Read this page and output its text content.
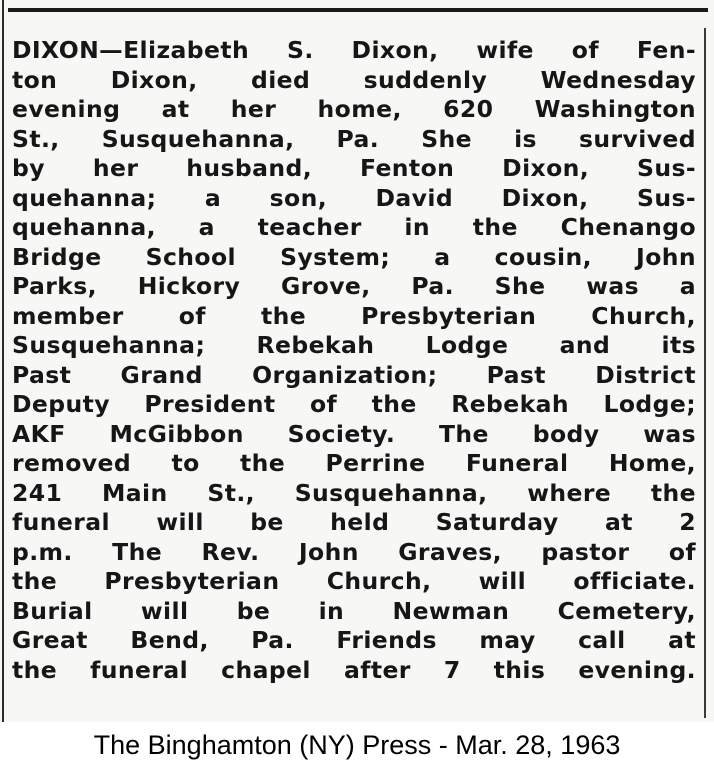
DIXON—Elizabeth S. Dixon, wife of Fen-
ton Dixon, died suddenly Wednesday
evening at her home, 620 Washington
St., Susquehanna, Pa. She is survived
by her husband, Fenton Dixon, Sus-
quehanna; a son, David Dixon, Sus-
quehanna, a teacher in the Chenango
Bridge School System; a cousin, John
Parks, Hickory Grove, Pa. She was a
member of the Presbyterian Church,
Susquehanna; Rebekah Lodge and its
Past Grand Organization; Past District
Deputy President of the Rebekah Lodge;
AKF McGibbon Society. The body was
removed to the Perrine Funeral Home,
241 Main St., Susquehanna, where the
funeral will be held Saturday at 2
p.m. The Rev. John Graves, pastor of
the Presbyterian Church, will officiate.
Burial will be in Newman Cemetery,
Great Bend, Pa. Friends may call at
the funeral chapel after 7 this evening.

The Binghamton (NY) Press - Mar. 28, 1963
